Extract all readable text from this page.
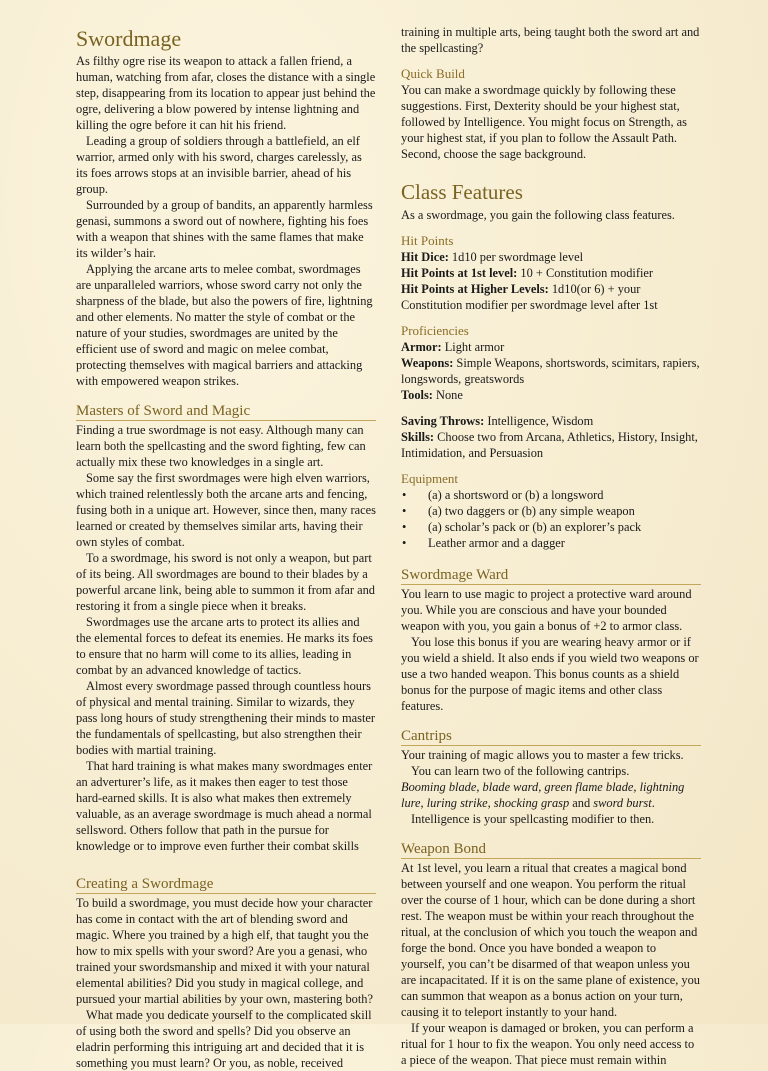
Swordmage

As filthy ogre rise its weapon to attack a fallen friend, a human, watching from afar, closes the distance with a single step, disappearing from its location to appear just behind the ogre, delivering a blow powered by intense lightning and killing the ogre before it can hit his friend.

Leading a group of soldiers through a battlefield, an elf warrior, armed only with his sword, charges carelessly, as its foes arrows stops at an invisible barrier, ahead of his group.

Surrounded by a group of bandits, an apparently harmless genasi, summons a sword out of nowhere, fighting his foes with a weapon that shines with the same flames that make its wilder’s hair.

Applying the arcane arts to melee combat, swordmages are unparalleled warriors, whose sword carry not only the sharpness of the blade, but also the powers of fire, lightning and other elements. No matter the style of combat or the nature of your studies, swordmages are united by the efficient use of sword and magic on melee combat, protecting themselves with magical barriers and attacking with empowered weapon strikes.

Masters of Sword and Magic

Finding a true swordmage is not easy. Although many can learn both the spellcasting and the sword fighting, few can actually mix these two knowledges in a single art.

Some say the first swordmages were high elven warriors, which trained relentlessly both the arcane arts and fencing, fusing both in a unique art. However, since then, many races learned or created by themselves similar arts, having their own styles of combat.

To a swordmage, his sword is not only a weapon, but part of its being. All swordmages are bound to their blades by a powerful arcane link, being able to summon it from afar and restoring it from a single piece when it breaks.

Swordmages use the arcane arts to protect its allies and the elemental forces to defeat its enemies. He marks its foes to ensure that no harm will come to its allies, leading in combat by an advanced knowledge of tactics.

Almost every swordmage passed through countless hours of physical and mental training. Similar to wizards, they pass long hours of study strengthening their minds to master the fundamentals of spellcasting, but also strengthen their bodies with martial training.

That hard training is what makes many swordmages enter an adverturer’s life, as it makes then eager to test those hard-earned skills. It is also what makes then extremely valuable, as an average swordmage is much ahead a normal sellsword. Others follow that path in the pursue for knowledge or to improve even further their combat skills

Creating a Swordmage

To build a swordmage, you must decide how your character has come in contact with the art of blending sword and magic. Where you trained by a high elf, that taught you the how to mix spells with your sword? Are you a genasi, who trained your swordsmanship and mixed it with your natural elemental abilities? Did you study in magical college, and pursued your martial abilities by your own, mastering both?

What made you dedicate yourself to the complicated skill of using both the sword and spells? Did you observe an eladrin performing this intriguing art and decided that it is something you must learn? Or you, as noble, received

training in multiple arts, being taught both the sword art and the spellcasting?

Quick Build

You can make a swordmage quickly by following these suggestions. First, Dexterity should be your highest stat, followed by Intelligence. You might focus on Strength, as your highest stat, if you plan to follow the Assault Path. Second, choose the sage background.

Class Features

As a swordmage, you gain the following class features.

Hit Points

Hit Dice: 1d10 per swordmage level

Hit Points at 1st level: 10 + Constitution modifier

Hit Points at Higher Levels: 1d10(or 6) + your Constitution modifier per swordmage level after 1st

Proficiencies

Armor: Light armor

Weapons: Simple Weapons, shortswords, scimitars, rapiers, longswords, greatswords

Tools: None

Saving Throws: Intelligence, Wisdom

Skills: Choose two from Arcana, Athletics, History, Insight, Intimidation, and Persuasion

Equipment
• (a) a shortsword or (b) a longsword
• (a) two daggers or (b) any simple weapon
• (a) scholar’s pack or (b) an explorer’s pack
• Leather armor and a dagger
Swordmage Ward

You learn to use magic to project a protective ward around you. While you are conscious and have your bounded weapon with you, you gain a bonus of +2 to armor class.

You lose this bonus if you are wearing heavy armor or if you wield a shield. It also ends if you wield two weapons or use a two handed weapon. This bonus counts as a shield bonus for the purpose of magic items and other class features.

Cantrips

Your training of magic allows you to master a few tricks.

You can learn two of the following cantrips.

Booming blade, blade ward, green flame blade, lightning lure, luring strike, shocking grasp and sword burst.

Intelligence is your spellcasting modifier to then.

Weapon Bond

At 1st level, you learn a ritual that creates a magical bond between yourself and one weapon. You perform the ritual over the course of 1 hour, which can be done during a short rest. The weapon must be within your reach throughout the ritual, at the conclusion of which you touch the weapon and forge the bond. Once you have bonded a weapon to yourself, you can’t be disarmed of that weapon unless you are incapacitated. If it is on the same plane of existence, you can summon that weapon as a bonus action on your turn, causing it to teleport instantly to your hand.

If your weapon is damaged or broken, you can perform a ritual for 1 hour to fix the weapon. You only need access to a piece of the weapon. That piece must remain within
